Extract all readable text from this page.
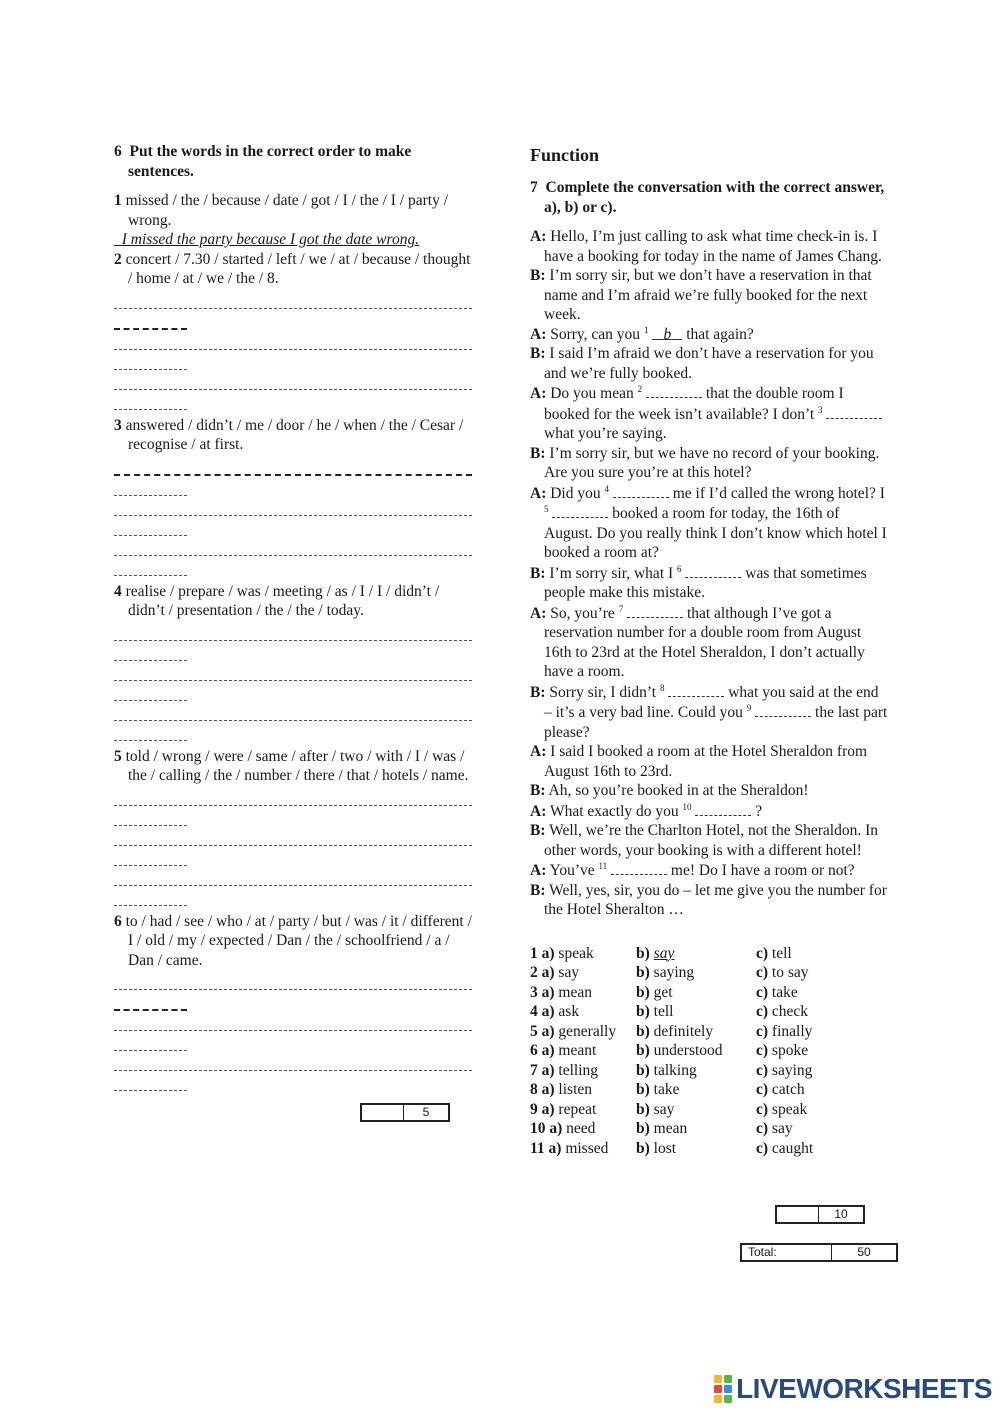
6 Put the words in the correct order to make sentences.
1 missed / the / because / date / got / I / the / I / party / wrong.
I missed the party because I got the date wrong.
2 concert / 7.30 / started / left / we / at / because / thought / home / at / we / the / 8.
3 answered / didn’t / me / door / he / when / the / Cesar / recognise / at first.
4 realise / prepare / was / meeting / as / I / I / didn’t / didn’t / presentation / the / the / today.
5 told / wrong / were / same / after / two / with / I / was / the / calling / the / number / there / that / hotels / name.
6 to / had / see / who / at / party / but / was / it / different / I / old / my / expected / Dan / the / schoolfriend / a / Dan / came.
5
Function
7 Complete the conversation with the correct answer, a), b) or c).
A: Hello, I’m just calling to ask what time check-in is. I have a booking for today in the name of James Chang.
B: I’m sorry sir, but we don’t have a reservation in that name and I’m afraid we’re fully booked for the next week.
A: Sorry, can you $^1$ b that again?
B: I said I’m afraid we don’t have a reservation for you and we’re fully booked.
A: Do you mean $^2$	that the double room I booked for the week isn’t available? I don’t $^3$  what you’re saying.
B: I’m sorry sir, but we have no record of your booking. Are you sure you’re at this hotel?
A: Did you $^4$	me if I’d called the wrong hotel? I $^5$	booked a room for today, the 16th of August. Do you really think I don’t know which hotel I booked a room at?
B: I’m sorry sir, what I $^6$	was that sometimes people make this mistake.
A: So, you’re $^7$	that although I’ve got a reservation number for a double room from August 16th to 23rd at the Hotel Sheraldon, I don’t actually have a room.
B: Sorry sir, I didn’t $^8$	what you said at the end – it’s a very bad line. Could you $^9$	the last part please?
A: I said I booked a room at the Hotel Sheraldon from August 16th to 23rd.
B: Ah, so you’re booked in at the Sheraldon!
A: What exactly do you $^{10}$	?
B: Well, we’re the Charlton Hotel, not the Sheraldon. In other words, your booking is with a different hotel!
A: You’ve $^{11}$	me! Do I have a room or not?
B: Well, yes, sir, you do – let me give you the number for the Hotel Sheralton …
1 a) speak	b) say	c) tell
2 a) say	b) saying	c) to say
3 a) mean	b) get	c) take
4 a) ask	b) tell	c) check
5 a) generally	b) definitely	c) finally
6 a) meant	b) understood	c) spoke
7 a) telling	b) talking	c) saying
8 a) listen	b) take	c) catch
9 a) repeat	b) say	c) speak
10 a) need	b) mean	c) say
11 a) missed	b) lost	c) caught
10
Total:	50
LIVEWORKSHEETS
